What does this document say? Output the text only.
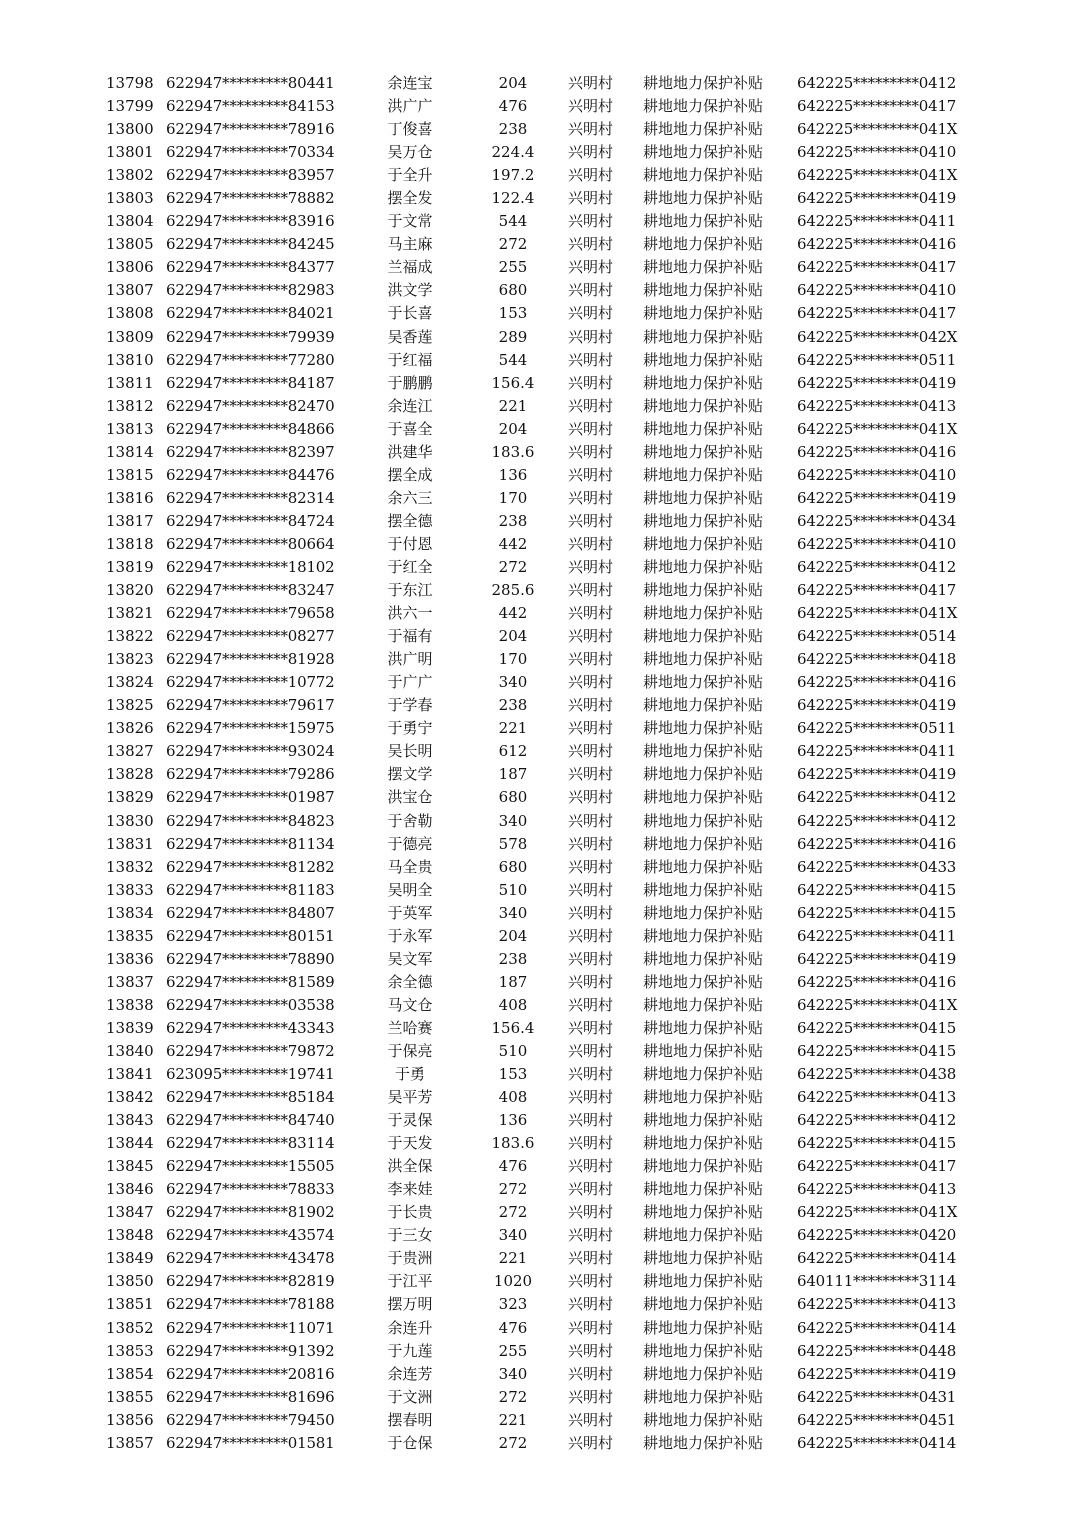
13798 622947*********80441	余连宝	204	兴明村	耕地地力保护补贴	642225*********0412
13799 622947*********84153	洪广广	476	兴明村	耕地地力保护补贴	642225*********0417
13800 622947*********78916	丁俊喜	238	兴明村	耕地地力保护补贴	642225*********041X
13801 622947*********70334	吴万仓	224.4	兴明村	耕地地力保护补贴	642225*********0410
13802 622947*********83957	于全升	197.2	兴明村	耕地地力保护补贴	642225*********041X
13803 622947*********78882	摆全发	122.4	兴明村	耕地地力保护补贴	642225*********0419
13804 622947*********83916	于文常	544	兴明村	耕地地力保护补贴	642225*********0411
13805 622947*********84245	马主麻	272	兴明村	耕地地力保护补贴	642225*********0416
13806 622947*********84377	兰福成	255	兴明村	耕地地力保护补贴	642225*********0417
13807 622947*********82983	洪文学	680	兴明村	耕地地力保护补贴	642225*********0410
13808 622947*********84021	于长喜	153	兴明村	耕地地力保护补贴	642225*********0417
13809 622947*********79939	吴香莲	289	兴明村	耕地地力保护补贴	642225*********042X
13810 622947*********77280	于红福	544	兴明村	耕地地力保护补贴	642225*********0511
13811 622947*********84187	于鹏鹏	156.4	兴明村	耕地地力保护补贴	642225*********0419
13812 622947*********82470	余连江	221	兴明村	耕地地力保护补贴	642225*********0413
13813 622947*********84866	于喜全	204	兴明村	耕地地力保护补贴	642225*********041X
13814 622947*********82397	洪建华	183.6	兴明村	耕地地力保护补贴	642225*********0416
13815 622947*********84476	摆全成	136	兴明村	耕地地力保护补贴	642225*********0410
13816 622947*********82314	余六三	170	兴明村	耕地地力保护补贴	642225*********0419
13817 622947*********84724	摆全德	238	兴明村	耕地地力保护补贴	642225*********0434
13818 622947*********80664	于付恩	442	兴明村	耕地地力保护补贴	642225*********0410
13819 622947*********18102	于红全	272	兴明村	耕地地力保护补贴	642225*********0412
13820 622947*********83247	于东江	285.6	兴明村	耕地地力保护补贴	642225*********0417
13821 622947*********79658	洪六一	442	兴明村	耕地地力保护补贴	642225*********041X
13822 622947*********08277	于福有	204	兴明村	耕地地力保护补贴	642225*********0514
13823 622947*********81928	洪广明	170	兴明村	耕地地力保护补贴	642225*********0418
13824 622947*********10772	于广广	340	兴明村	耕地地力保护补贴	642225*********0416
13825 622947*********79617	于学春	238	兴明村	耕地地力保护补贴	642225*********0419
13826 622947*********15975	于勇宁	221	兴明村	耕地地力保护补贴	642225*********0511
13827 622947*********93024	吴长明	612	兴明村	耕地地力保护补贴	642225*********0411
13828 622947*********79286	摆文学	187	兴明村	耕地地力保护补贴	642225*********0419
13829 622947*********01987	洪宝仓	680	兴明村	耕地地力保护补贴	642225*********0412
13830 622947*********84823	于舍勒	340	兴明村	耕地地力保护补贴	642225*********0412
13831 622947*********81134	于德亮	578	兴明村	耕地地力保护补贴	642225*********0416
13832 622947*********81282	马全贵	680	兴明村	耕地地力保护补贴	642225*********0433
13833 622947*********81183	吴明全	510	兴明村	耕地地力保护补贴	642225*********0415
13834 622947*********84807	于英军	340	兴明村	耕地地力保护补贴	642225*********0415
13835 622947*********80151	于永军	204	兴明村	耕地地力保护补贴	642225*********0411
13836 622947*********78890	吴文军	238	兴明村	耕地地力保护补贴	642225*********0419
13837 622947*********81589	余全德	187	兴明村	耕地地力保护补贴	642225*********0416
13838 622947*********03538	马文仓	408	兴明村	耕地地力保护补贴	642225*********041X
13839 622947*********43343	兰哈赛	156.4	兴明村	耕地地力保护补贴	642225*********0415
13840 622947*********79872	于保亮	510	兴明村	耕地地力保护补贴	642225*********0415
13841 623095*********19741	于勇	153	兴明村	耕地地力保护补贴	642225*********0438
13842 622947*********85184	吴平芳	408	兴明村	耕地地力保护补贴	642225*********0413
13843 622947*********84740	于灵保	136	兴明村	耕地地力保护补贴	642225*********0412
13844 622947*********83114	于天发	183.6	兴明村	耕地地力保护补贴	642225*********0415
13845 622947*********15505	洪全保	476	兴明村	耕地地力保护补贴	642225*********0417
13846 622947*********78833	李来娃	272	兴明村	耕地地力保护补贴	642225*********0413
13847 622947*********81902	于长贵	272	兴明村	耕地地力保护补贴	642225*********041X
13848 622947*********43574	于三女	340	兴明村	耕地地力保护补贴	642225*********0420
13849 622947*********43478	于贵洲	221	兴明村	耕地地力保护补贴	642225*********0414
13850 622947*********82819	于江平	1020	兴明村	耕地地力保护补贴	640111*********3114
13851 622947*********78188	摆万明	323	兴明村	耕地地力保护补贴	642225*********0413
13852 622947*********11071	余连升	476	兴明村	耕地地力保护补贴	642225*********0414
13853 622947*********91392	于九莲	255	兴明村	耕地地力保护补贴	642225*********0448
13854 622947*********20816	余连芳	340	兴明村	耕地地力保护补贴	642225*********0419
13855 622947*********81696	于文洲	272	兴明村	耕地地力保护补贴	642225*********0431
13856 622947*********79450	摆春明	221	兴明村	耕地地力保护补贴	642225*********0451
13857 622947*********01581	于仓保	272	兴明村	耕地地力保护补贴	642225*********0414
